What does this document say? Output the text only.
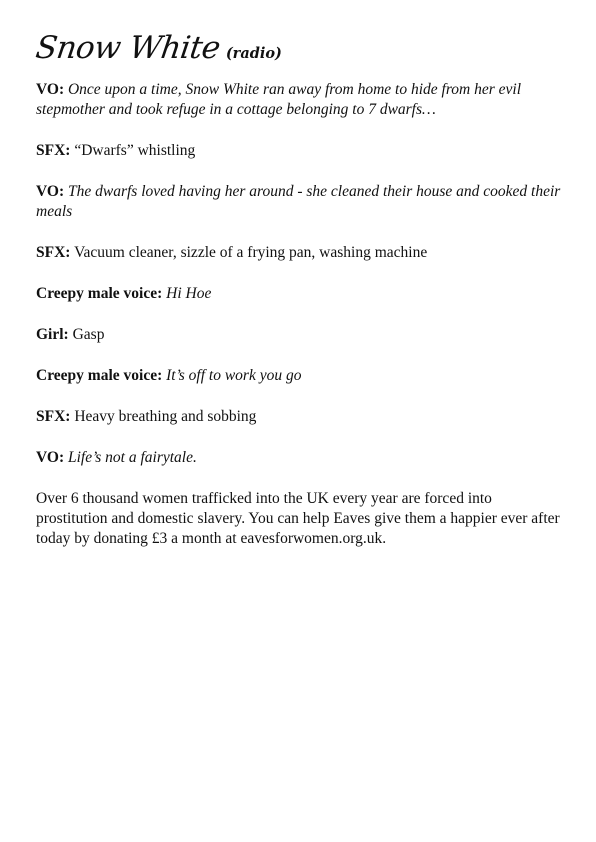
Snow White (radio)

VO: Once upon a time, Snow White ran away from home to hide from her evil stepmother and took refuge in a cottage belonging to 7 dwarfs…

SFX: “Dwarfs” whistling

VO: The dwarfs loved having her around - she cleaned their house and cooked their meals

SFX: Vacuum cleaner, sizzle of a frying pan, washing machine

Creepy male voice: Hi Hoe

Girl: Gasp

Creepy male voice: It’s off to work you go

SFX: Heavy breathing and sobbing

VO: Life’s not a fairytale.

Over 6 thousand women trafficked into the UK every year are forced into prostitution and domestic slavery. You can help Eaves give them a happier ever after today by donating £3 a month at eavesforwomen.org.uk.
